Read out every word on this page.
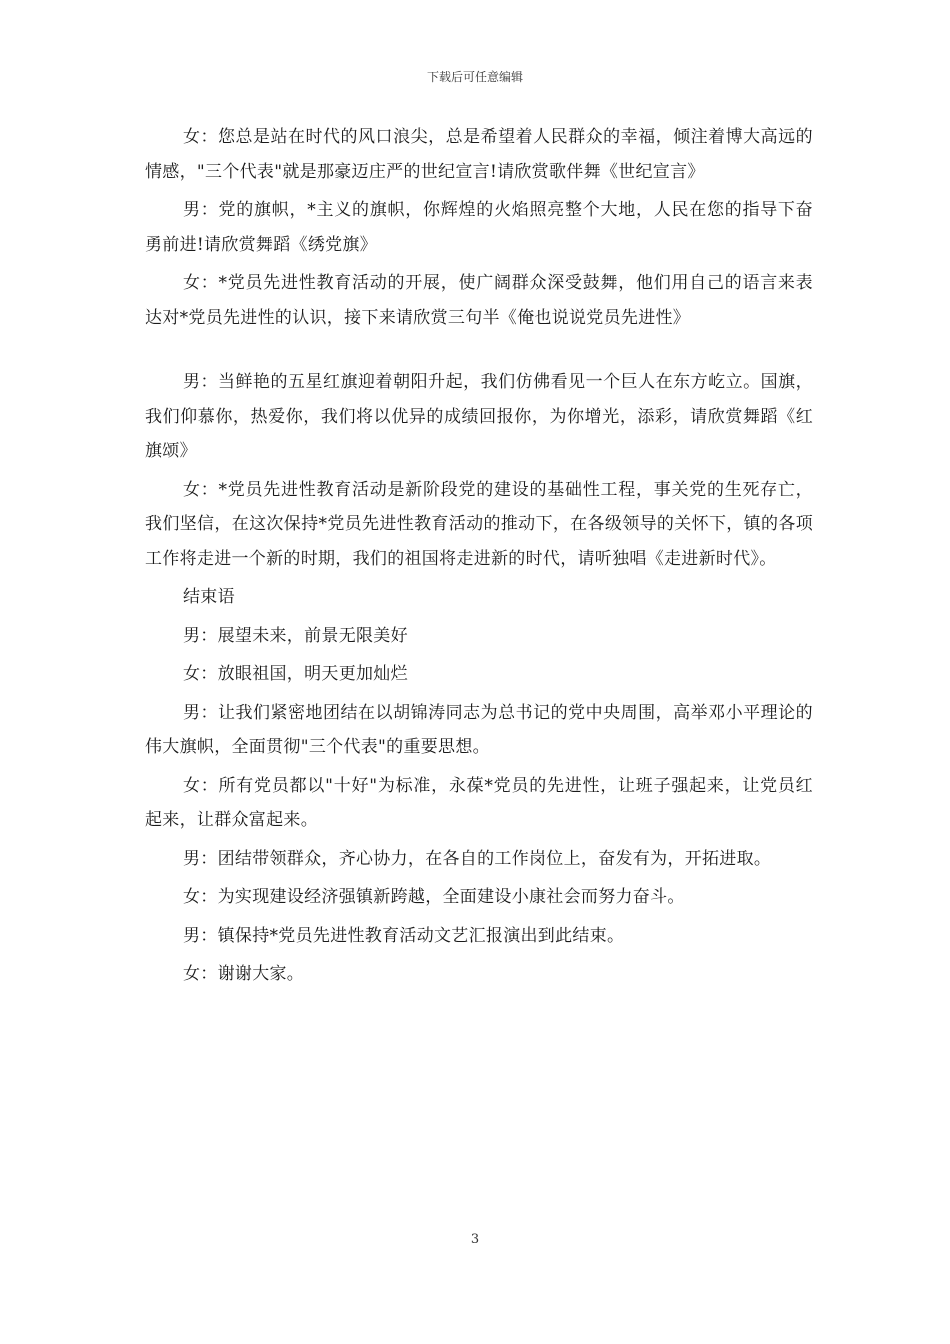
下载后可任意编辑

女：您总是站在时代的风口浪尖，总是希望着人民群众的幸福，倾注着博大高远的情感，"三个代表"就是那豪迈庄严的世纪宣言!请欣赏歌伴舞《世纪宣言》

男：党的旗帜，*主义的旗帜，你辉煌的火焰照亮整个大地，人民在您的指导下奋勇前进!请欣赏舞蹈《绣党旗》

女：*党员先进性教育活动的开展，使广阔群众深受鼓舞，他们用自己的语言来表达对*党员先进性的认识，接下来请欣赏三句半《俺也说说党员先进性》

男：当鲜艳的五星红旗迎着朝阳升起，我们仿佛看见一个巨人在东方屹立。国旗，我们仰慕你，热爱你，我们将以优异的成绩回报你，为你增光，添彩，请欣赏舞蹈《红旗颂》

女：*党员先进性教育活动是新阶段党的建设的基础性工程，事关党的生死存亡，我们坚信，在这次保持*党员先进性教育活动的推动下，在各级领导的关怀下，镇的各项工作将走进一个新的时期，我们的祖国将走进新的时代，请听独唱《走进新时代》。

结束语

男：展望未来，前景无限美好

女：放眼祖国，明天更加灿烂

男：让我们紧密地团结在以胡锦涛同志为总书记的党中央周围，高举邓小平理论的伟大旗帜，全面贯彻"三个代表"的重要思想。

女：所有党员都以"十好"为标准，永葆*党员的先进性，让班子强起来，让党员红起来，让群众富起来。

男：团结带领群众，齐心协力，在各自的工作岗位上，奋发有为，开拓进取。

女：为实现建设经济强镇新跨越，全面建设小康社会而努力奋斗。

男：镇保持*党员先进性教育活动文艺汇报演出到此结束。

女：谢谢大家。

3
